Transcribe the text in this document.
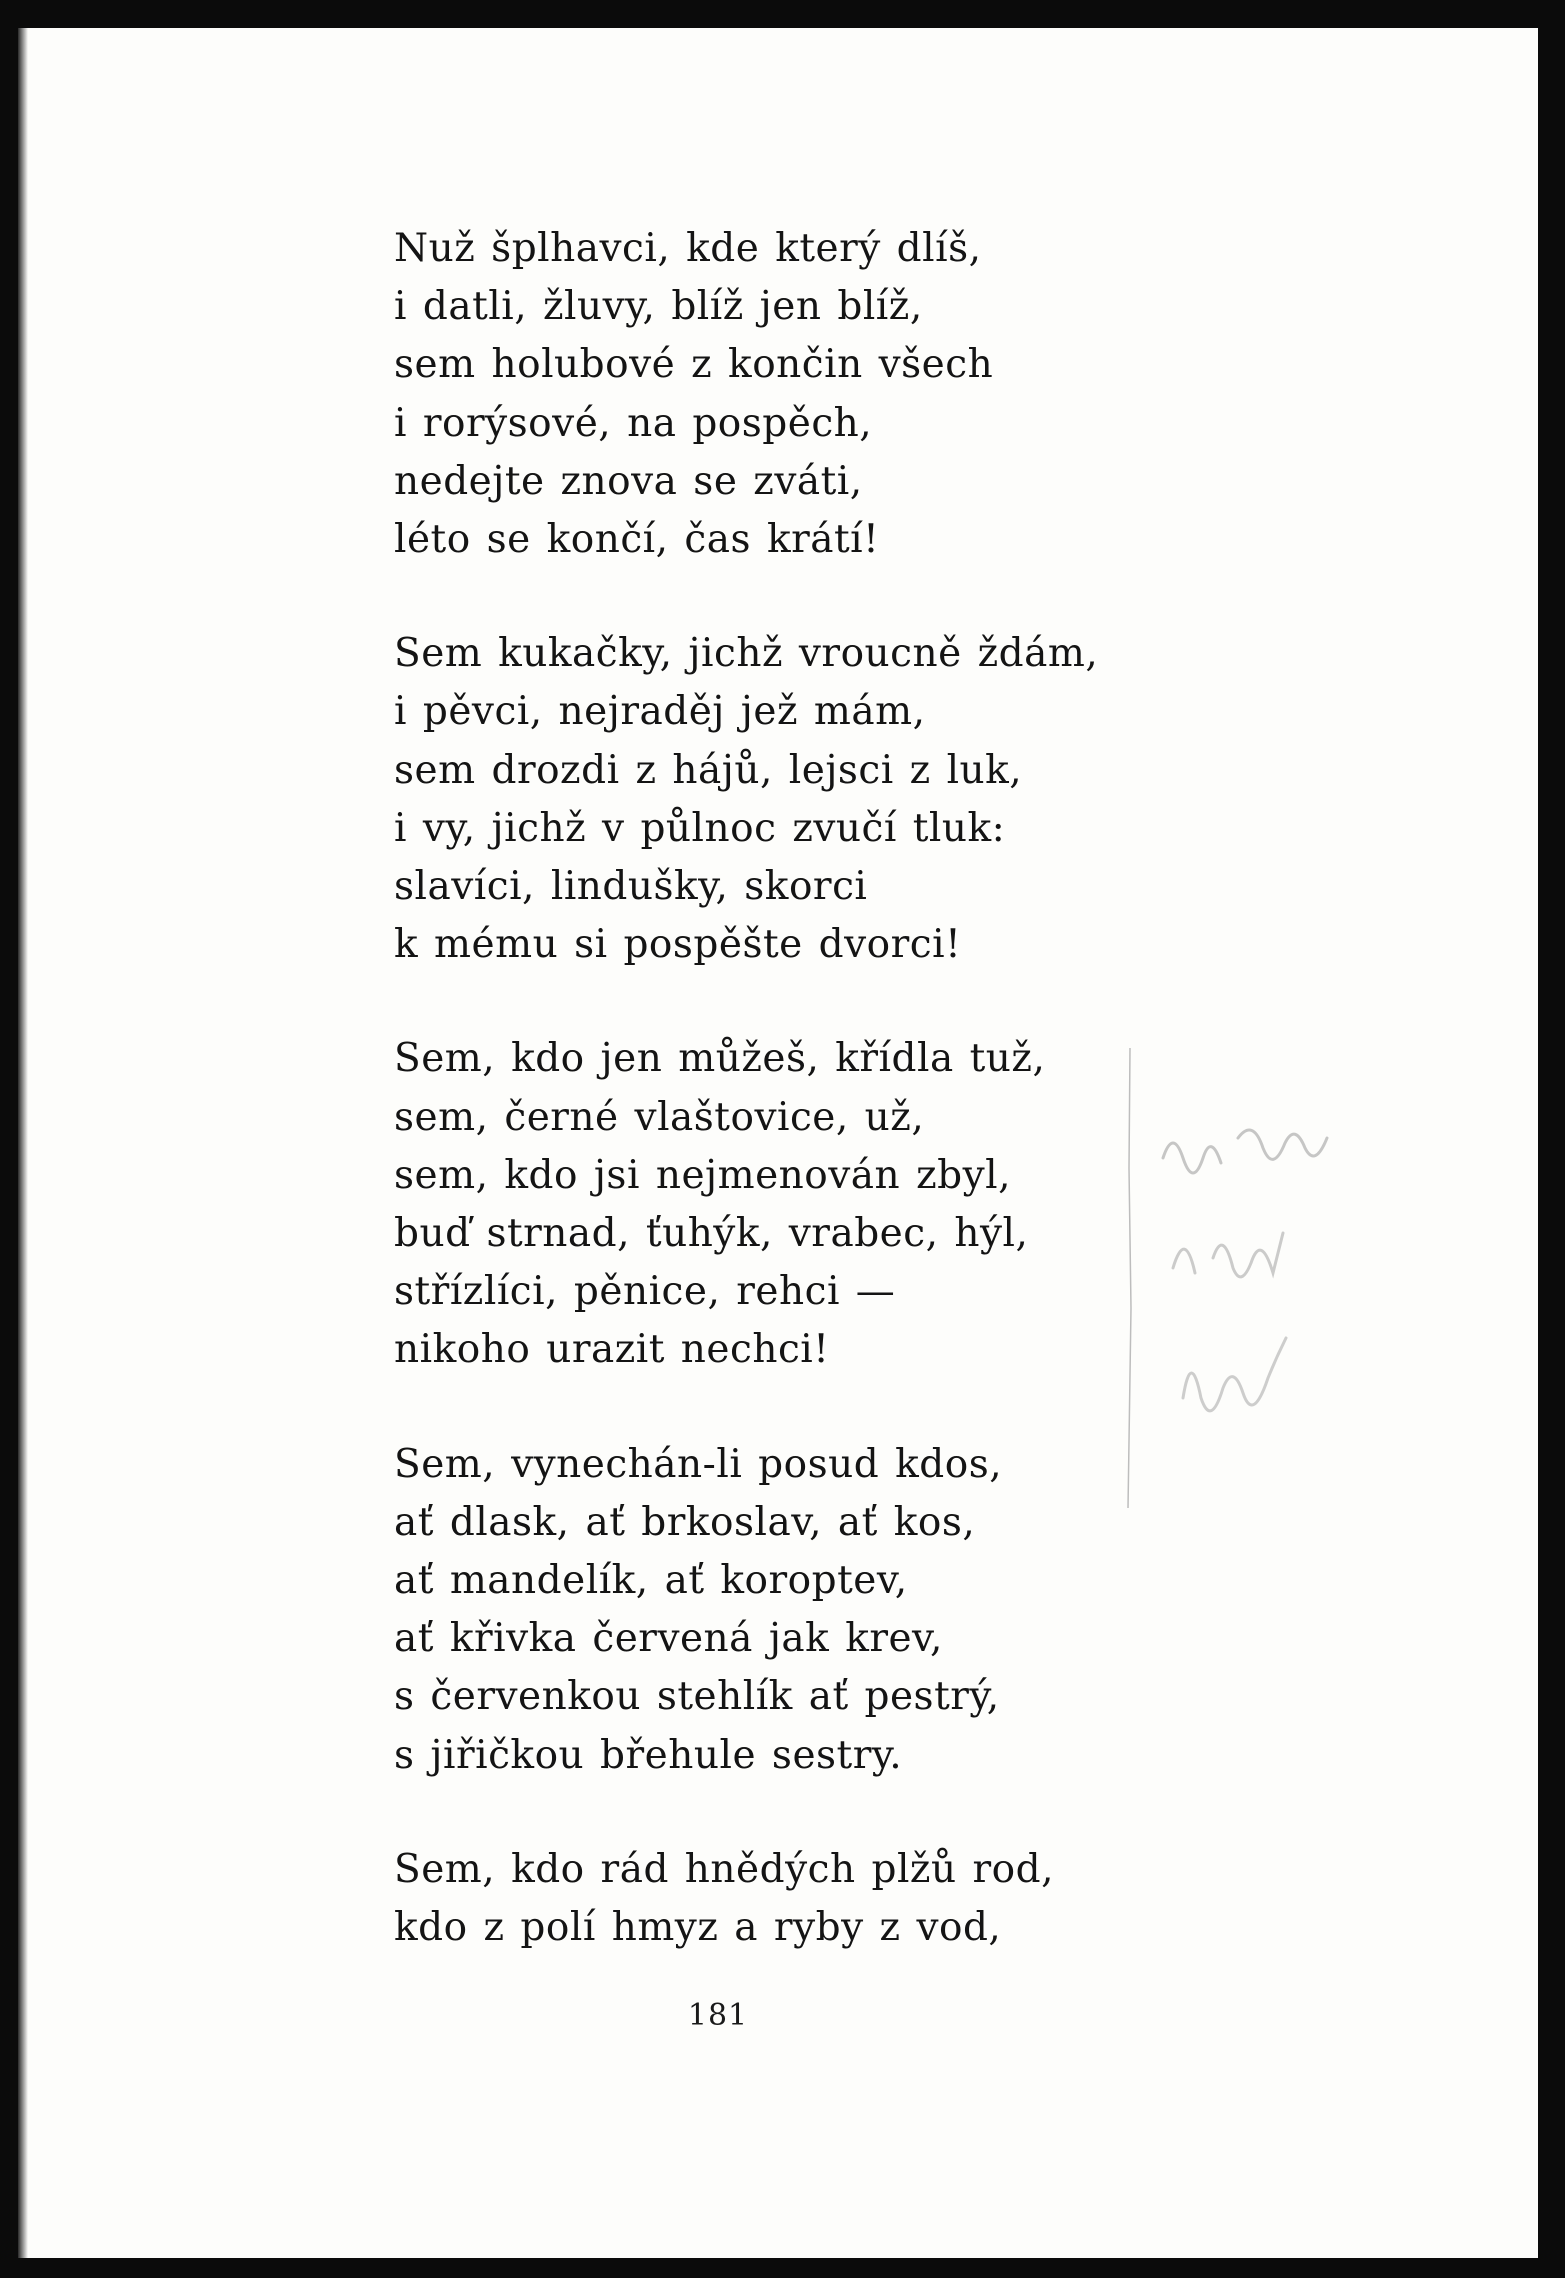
Nuž šplhavci, kde který dlíš,
i datli, žluvy, blíž jen blíž,
sem holubové z končin všech
i rorýsové, na pospěch,
nedejte znova se zváti,
léto se končí, čas krátí!
Sem kukačky, jichž vroucně ždám,
i pěvci, nejraděj jež mám,
sem drozdi z hájů, lejsci z luk,
i vy, jichž v půlnoc zvučí tluk:
slavíci, lindušky, skorci
k mému si pospěšte dvorci!
Sem, kdo jen můžeš, křídla tuž,
sem, černé vlaštovice, už,
sem, kdo jsi nejmenován zbyl,
buď strnad, ťuhýk, vrabec, hýl,
střízlíci, pěnice, rehci —
nikoho urazit nechci!
Sem, vynechán-li posud kdos,
ať dlask, ať brkoslav, ať kos,
ať mandelík, ať koroptev,
ať křivka červená jak krev,
s červenkou stehlík ať pestrý,
s jiřičkou břehule sestry.
Sem, kdo rád hnědých plžů rod,
kdo z polí hmyz a ryby z vod,
181
